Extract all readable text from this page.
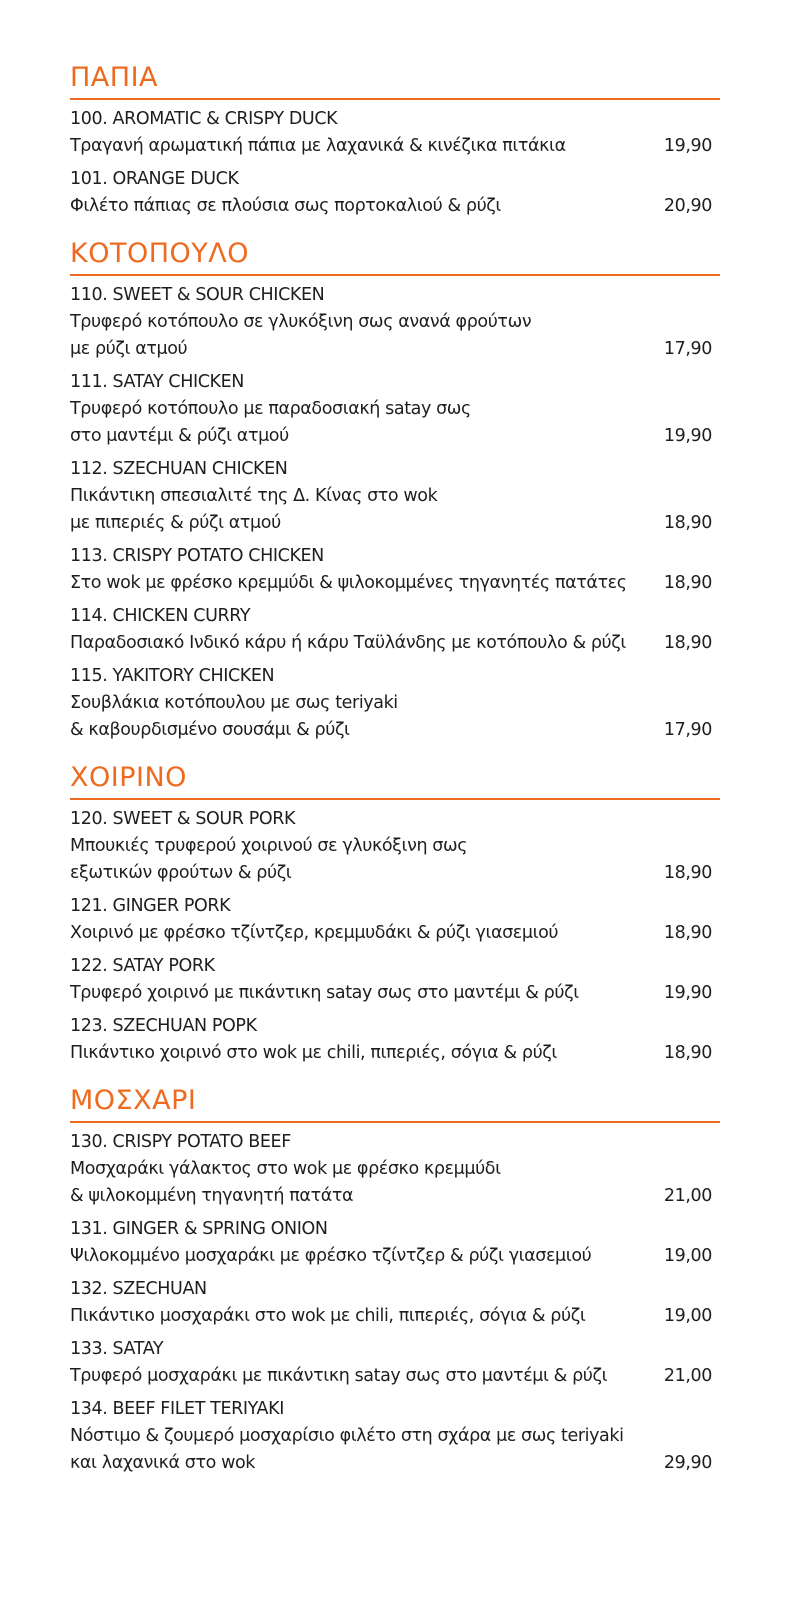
ΠΑΠΙΑ
100. AROMATIC & CRISPY DUCK
Τραγανή αρωματική πάπια με λαχανικά & κινέζικα πιτάκια	19,90
101. ORANGE DUCK
Φιλέτο πάπιας σε πλούσια σως πορτοκαλιού & ρύζι	20,90
ΚΟΤΟΠΟΥΛΟ
110. SWEET & SOUR CHICKEN
Τρυφερό κοτόπουλο σε γλυκόξινη σως ανανά φρούτων
με ρύζι ατμού	17,90
111. SATAY CHICKEN
Τρυφερό κοτόπουλο με παραδοσιακή satay σως
στο μαντέμι & ρύζι ατμού	19,90
112. SZECHUAN CHICKEN
Πικάντικη σπεσιαλιτέ της Δ. Κίνας στο wok
με πιπεριές & ρύζι ατμού	18,90
113. CRISPY POTATO CHICKEN
Στο wok με φρέσκο κρεμμύδι & ψιλοκομμένες τηγανητές πατάτες	18,90
114. CHICKEN CURRY
Παραδοσιακό Ινδικό κάρυ ή κάρυ Ταϋλάνδης με κοτόπουλο & ρύζι	18,90
115. YAKITORY CHICKEN
Σουβλάκια κοτόπουλου με σως teriyaki
& καβουρδισμένο σουσάμι & ρύζι	17,90
ΧΟΙΡΙΝΟ
120. SWEET & SOUR PORK
Μπουκιές τρυφερού χοιρινού σε γλυκόξινη σως
εξωτικών φρούτων & ρύζι	18,90
121. GINGER PORK
Χοιρινό με φρέσκο τζίντζερ, κρεμμυδάκι & ρύζι γιασεμιού	18,90
122. SATAY PORK
Τρυφερό χοιρινό με πικάντικη satay σως στο μαντέμι & ρύζι	19,90
123. SZECHUAN POPK
Πικάντικο χοιρινό στο wok με chili, πιπεριές, σόγια & ρύζι	18,90
ΜΟΣΧΑΡΙ
130. CRISPY POTATO BEEF
Μοσχαράκι γάλακτος στο wok με φρέσκο κρεμμύδι
& ψιλοκομμένη τηγανητή πατάτα	21,00
131. GINGER & SPRING ONION
Ψιλοκομμένο μοσχαράκι με φρέσκο τζίντζερ & ρύζι γιασεμιού	19,00
132. SZECHUAN
Πικάντικο μοσχαράκι στο wok με chili, πιπεριές, σόγια & ρύζι	19,00
133. SATAY
Τρυφερό μοσχαράκι με πικάντικη satay σως στο μαντέμι & ρύζι	21,00
134. BEEF FILET TERIYAKI
Νόστιμο & ζουμερό μοσχαρίσιο φιλέτο στη σχάρα με σως teriyaki
και λαχανικά στο wok	29,90
